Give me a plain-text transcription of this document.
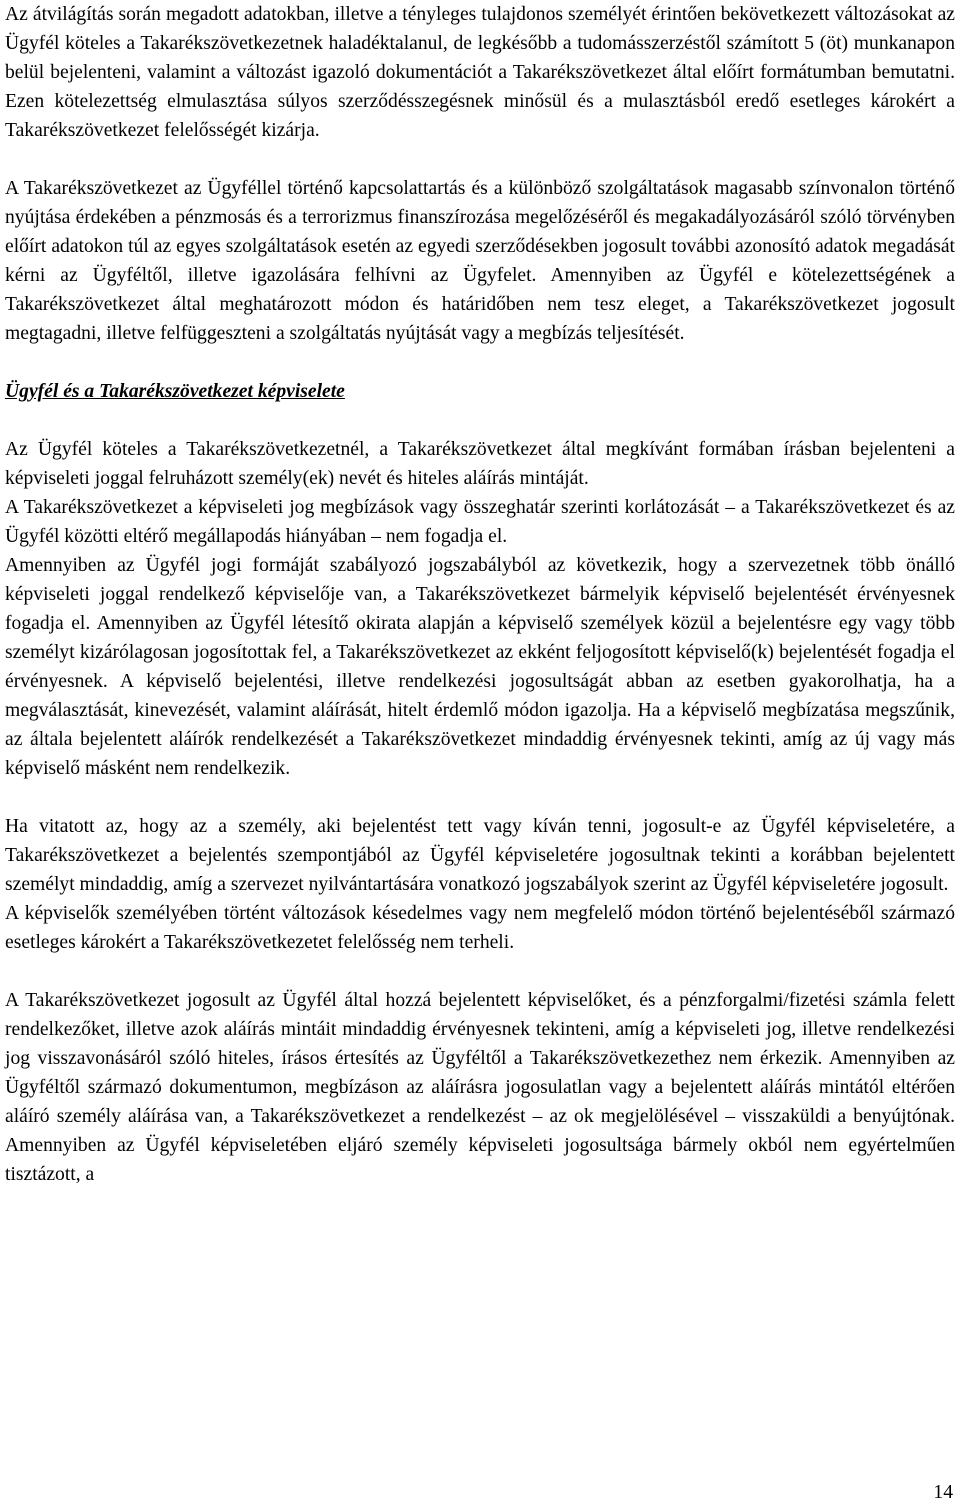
Az átvilágítás során megadott adatokban, illetve a tényleges tulajdonos személyét érintően bekövetkezett változásokat az Ügyfél köteles a Takarékszövetkezetnek haladéktalanul, de legkésőbb a tudomásszerzéstől számított 5 (öt) munkanapon belül bejelenteni, valamint a változást igazoló dokumentációt a Takarékszövetkezet által előírt formátumban bemutatni. Ezen kötelezettség elmulasztása súlyos szerződésszegésnek minősül és a mulasztásból eredő esetleges károkért a Takarékszövetkezet felelősségét kizárja.

A Takarékszövetkezet az Ügyféllel történő kapcsolattartás és a különböző szolgáltatások magasabb színvonalon történő nyújtása érdekében a pénzmosás és a terrorizmus finanszírozása megelőzéséről és megakadályozásáról szóló törvényben előírt adatokon túl az egyes szolgáltatások esetén az egyedi szerződésekben jogosult további azonosító adatok megadását kérni az Ügyféltől, illetve igazolására felhívni az Ügyfelet. Amennyiben az Ügyfél e kötelezettségének a Takarékszövetkezet által meghatározott módon és határidőben nem tesz eleget, a Takarékszövetkezet jogosult megtagadni, illetve felfüggeszteni a szolgáltatás nyújtását vagy a megbízás teljesítését.

Ügyfél és a Takarékszövetkezet képviselete

Az Ügyfél köteles a Takarékszövetkezetnél, a Takarékszövetkezet által megkívánt formában írásban bejelenteni a képviseleti joggal felruházott személy(ek) nevét és hiteles aláírás mintáját.

A Takarékszövetkezet a képviseleti jog megbízások vagy összeghatár szerinti korlátozását – a Takarékszövetkezet és az Ügyfél közötti eltérő megállapodás hiányában – nem fogadja el.

Amennyiben az Ügyfél jogi formáját szabályozó jogszabályból az következik, hogy a szervezetnek több önálló képviseleti joggal rendelkező képviselője van, a Takarékszövetkezet bármelyik képviselő bejelentését érvényesnek fogadja el. Amennyiben az Ügyfél létesítő okirata alapján a képviselő személyek közül a bejelentésre egy vagy több személyt kizárólagosan jogosítottak fel, a Takarékszövetkezet az ekként feljogosított képviselő(k) bejelentését fogadja el érvényesnek. A képviselő bejelentési, illetve rendelkezési jogosultságát abban az esetben gyakorolhatja, ha a megválasztását, kinevezését, valamint aláírását, hitelt érdemlő módon igazolja. Ha a képviselő megbízatása megszűnik, az általa bejelentett aláírók rendelkezését a Takarékszövetkezet mindaddig érvényesnek tekinti, amíg az új vagy más képviselő másként nem rendelkezik.

Ha vitatott az, hogy az a személy, aki bejelentést tett vagy kíván tenni, jogosult-e az Ügyfél képviseletére, a Takarékszövetkezet a bejelentés szempontjából az Ügyfél képviseletére jogosultnak tekinti a korábban bejelentett személyt mindaddig, amíg a szervezet nyilvántartására vonatkozó jogszabályok szerint az Ügyfél képviseletére jogosult.

A képviselők személyében történt változások késedelmes vagy nem megfelelő módon történő bejelentéséből származó esetleges károkért a Takarékszövetkezetet felelősség nem terheli.

A Takarékszövetkezet jogosult az Ügyfél által hozzá bejelentett képviselőket, és a pénzforgalmi/fizetési számla felett rendelkezőket, illetve azok aláírás mintáit mindaddig érvényesnek tekinteni, amíg a képviseleti jog, illetve rendelkezési jog visszavonásáról szóló hiteles, írásos értesítés az Ügyféltől a Takarékszövetkezethez nem érkezik. Amennyiben az Ügyféltől származó dokumentumon, megbízáson az aláírásra jogosulatlan vagy a bejelentett aláírás mintától eltérően aláíró személy aláírása van, a Takarékszövetkezet a rendelkezést – az ok megjelölésével – visszaküldi a benyújtónak. Amennyiben az Ügyfél képviseletében eljáró személy képviseleti jogosultsága bármely okból nem egyértelműen tisztázott, a

14
